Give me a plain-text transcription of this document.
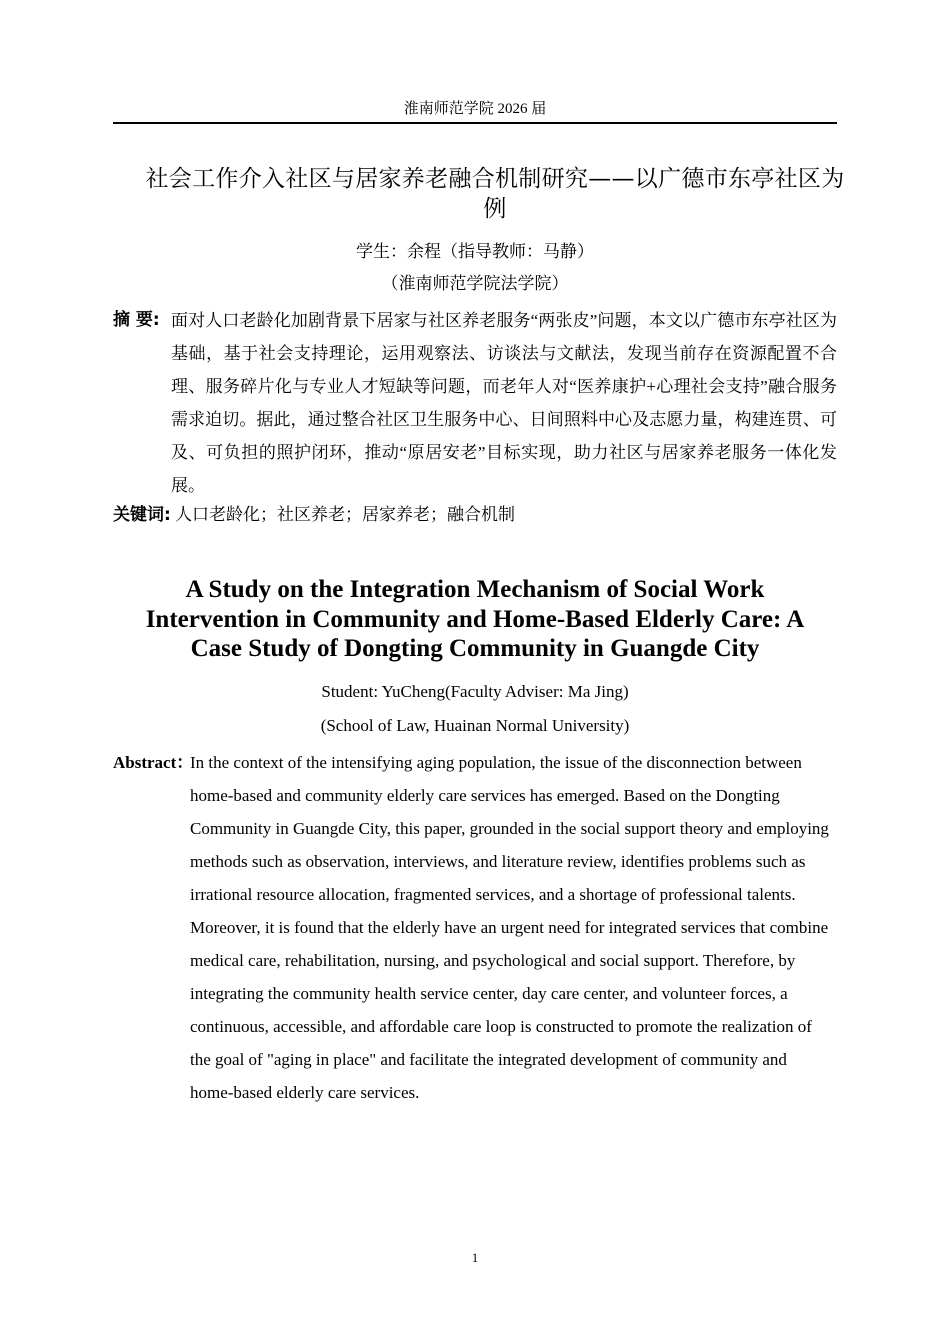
淮南师范学院 2026 届
社会工作介入社区与居家养老融合机制研究——以广德市东亭社区为例
学生：余程（指导教师：马静）
（淮南师范学院法学院）
摘 要: 面对人口老龄化加剧背景下居家与社区养老服务“两张皮”问题，本文以广德市东亭社区为基础，基于社会支持理论，运用观察法、访谈法与文献法，发现当前存在资源配置不合理、服务碎片化与专业人才短缺等问题，而老年人对“医养康护+心理社会支持”融合服务需求迫切。据此，通过整合社区卫生服务中心、日间照料中心及志愿力量，构建连贯、可及、可负担的照护闭环，推动“原居安老”目标实现，助力社区与居家养老服务一体化发展。
关键词: 人口老龄化；社区养老；居家养老；融合机制
A Study on the Integration Mechanism of Social Work Intervention in Community and Home-Based Elderly Care: A Case Study of Dongting Community in Guangde City
Student: YuCheng(Faculty Adviser: Ma Jing)
(School of Law, Huainan Normal University)
Abstract：
In the context of the intensifying aging population, the issue of the disconnection between home-based and community elderly care services has emerged. Based on the Dongting Community in Guangde City, this paper, grounded in the social support theory and employing methods such as observation, interviews, and literature review, identifies problems such as irrational resource allocation, fragmented services, and a shortage of professional talents. Moreover, it is found that the elderly have an urgent need for integrated services that combine medical care, rehabilitation, nursing, and psychological and social support. Therefore, by integrating the community health service center, day care center, and volunteer forces, a continuous, accessible, and affordable care loop is constructed to promote the realization of the goal of "aging in place" and facilitate the integrated development of community and home-based elderly care services.
1
